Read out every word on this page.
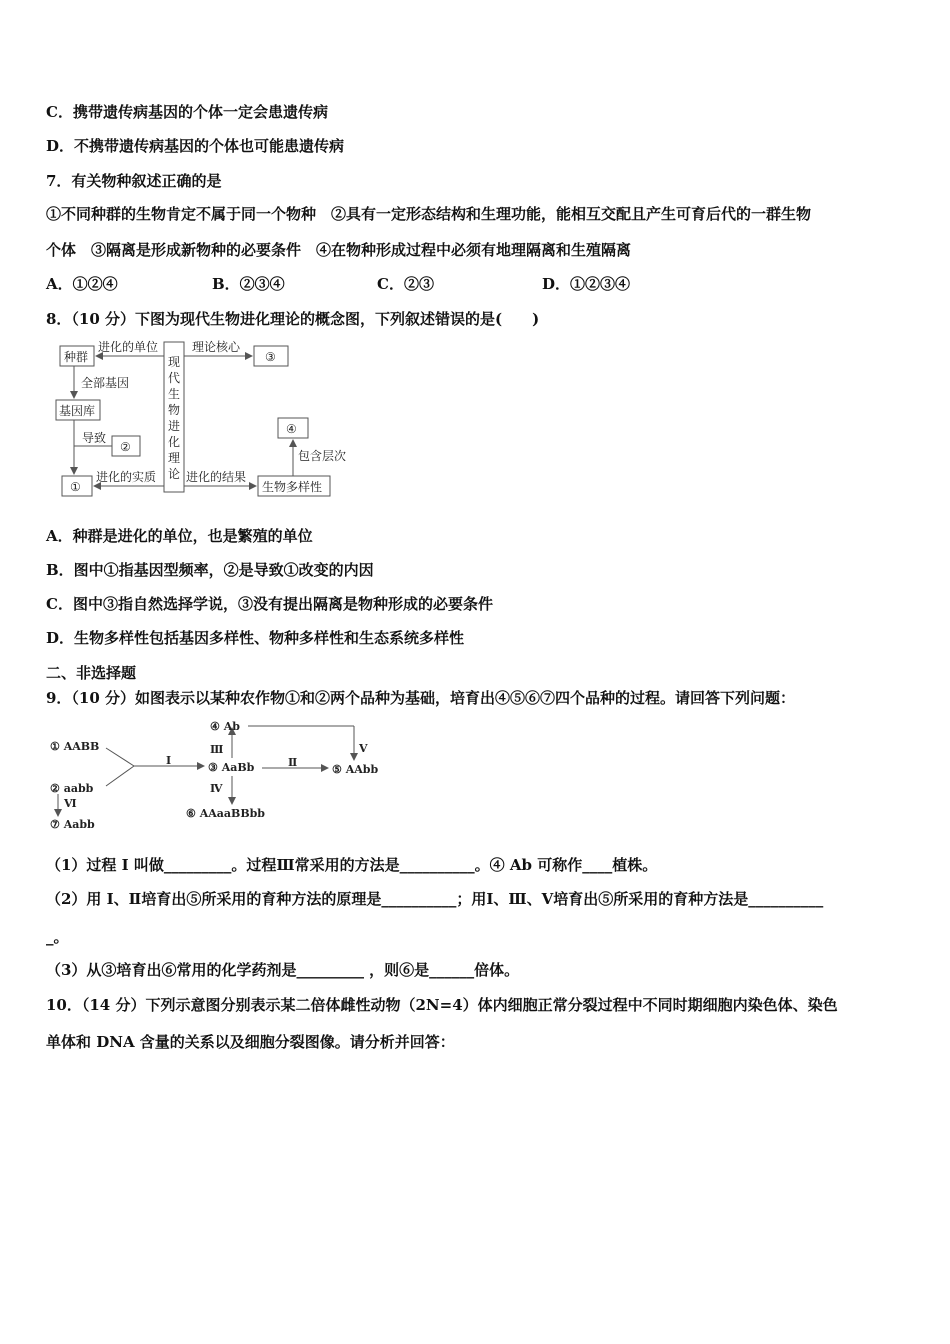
C．携带遗传病基因的个体一定会患遗传病
D．不携带遗传病基因的个体也可能患遗传病
7．有关物种叙述正确的是
①不同种群的生物肯定不属于同一个物种　②具有一定形态结构和生理功能，能相互交配且产生可育后代的一群生物
个体　③隔离是形成新物种的必要条件　④在物种形成过程中必须有地理隔离和生殖隔离
A．①②④	B．②③④	C．②③	D．①②③④
8．（10 分）下图为现代生物进化理论的概念图，下列叙述错误的是(　　)
种群
进化的单位	理论核心
③
全部基因
基因库
导致
②
④
包含层次
①
进化的实质 进化的结果
生物多样性
现
代
生
物
进
化
理
论
A．种群是进化的单位，也是繁殖的单位
B．图中①指基因型频率，②是导致①改变的内因
C．图中③指自然选择学说，③没有提出隔离是物种形成的必要条件
D．生物多样性包括基因多样性、物种多样性和生态系统多样性
二、非选择题
9．（10 分）如图表示以某种农作物①和②两个品种为基础，培育出④⑤⑥⑦四个品种的过程。请回答下列问题：
① AABB
② aabb
③ AaBb
④ Ab
⑤ AAbb
⑥ AAaaBBbb
⑦ Aabb
Ⅰ	Ⅱ
Ⅲ
Ⅳ
Ⅴ
Ⅵ
（1）过程 I 叫做_________。过程Ⅲ常采用的方法是__________。④ Ab 可称作____植株。
（2）用 I、Ⅱ培育出⑤所采用的育种方法的原理是__________；用Ⅰ、Ⅲ、Ⅴ培育出⑤所采用的育种方法是__________
_。
（3）从③培育出⑥常用的化学药剂是_________ ，则⑥是______倍体。
10．（14 分）下列示意图分别表示某二倍体雌性动物（2N=4）体内细胞正常分裂过程中不同时期细胞内染色体、染色
单体和 DNA 含量的关系以及细胞分裂图像。请分析并回答：
